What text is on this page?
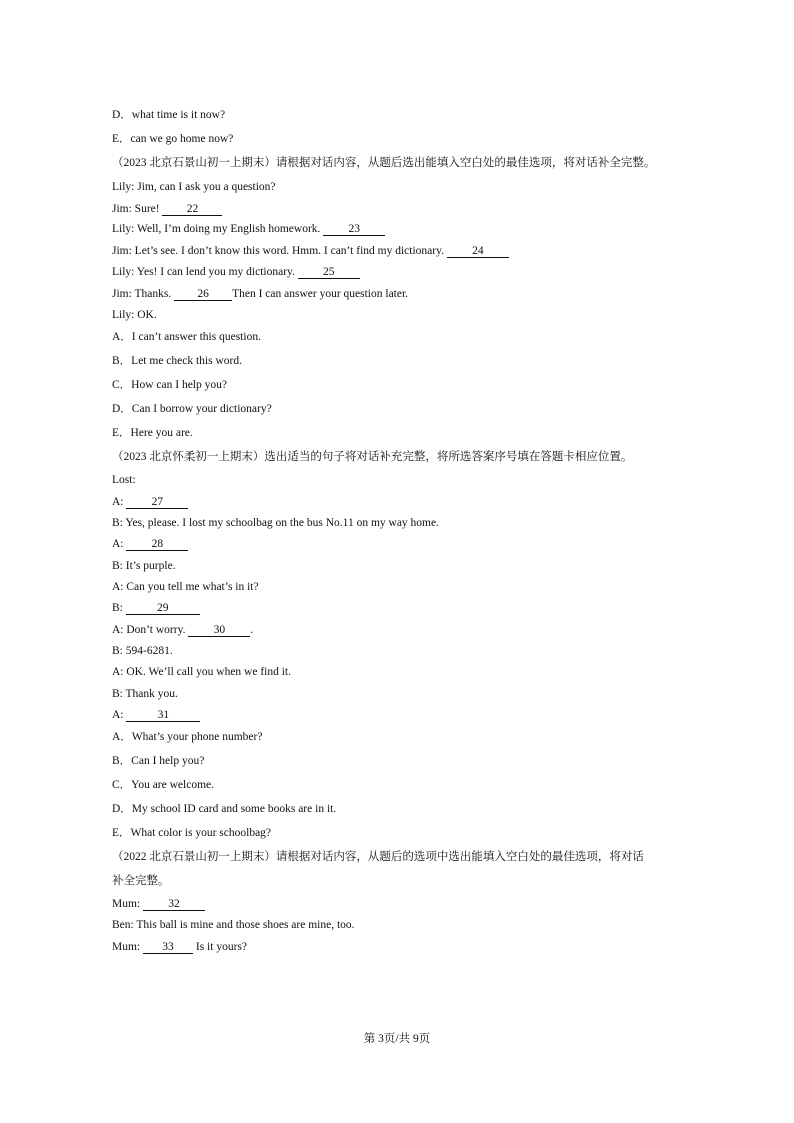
D．what time is it now?
E．can we go home now?
（2023 北京石景山初一上期末）请根据对话内容，从题后选出能填入空白处的最佳选项，将对话补全完整。
Lily: Jim, can I ask you a question?
Jim: Sure! 22
Lily: Well, I’m doing my English homework. 23
Jim: Let’s see. I don’t know this word. Hmm. I can’t find my dictionary. 24
Lily: Yes! I can lend you my dictionary. 25
Jim: Thanks. 26 Then I can answer your question later.
Lily: OK.
A．I can’t answer this question.
B．Let me check this word.
C．How can I help you?
D．Can I borrow your dictionary?
E．Here you are.
（2023 北京怀柔初一上期末）选出适当的句子将对话补充完整，将所选答案序号填在答题卡相应位置。
Lost:
A: 27
B: Yes, please. I lost my schoolbag on the bus No.11 on my way home.
A: 28
B: It’s purple.
A: Can you tell me what’s in it?
B:	29
A: Don’t worry. 30 .
B: 594-6281.
A: OK. We’ll call you when we find it.
B: Thank you.
A:	31
A．What’s your phone number?
B．Can I help you?
C．You are welcome.
D．My school ID card and some books are in it.
E．What color is your schoolbag?
（2022 北京石景山初一上期末）请根据对话内容，从题后的选项中选出能填入空白处的最佳选项，将对话
补全完整。
Mum: 32
Ben: This ball is mine and those shoes are mine, too.
Mum: 33 Is it yours?
第 3页/共 9页
